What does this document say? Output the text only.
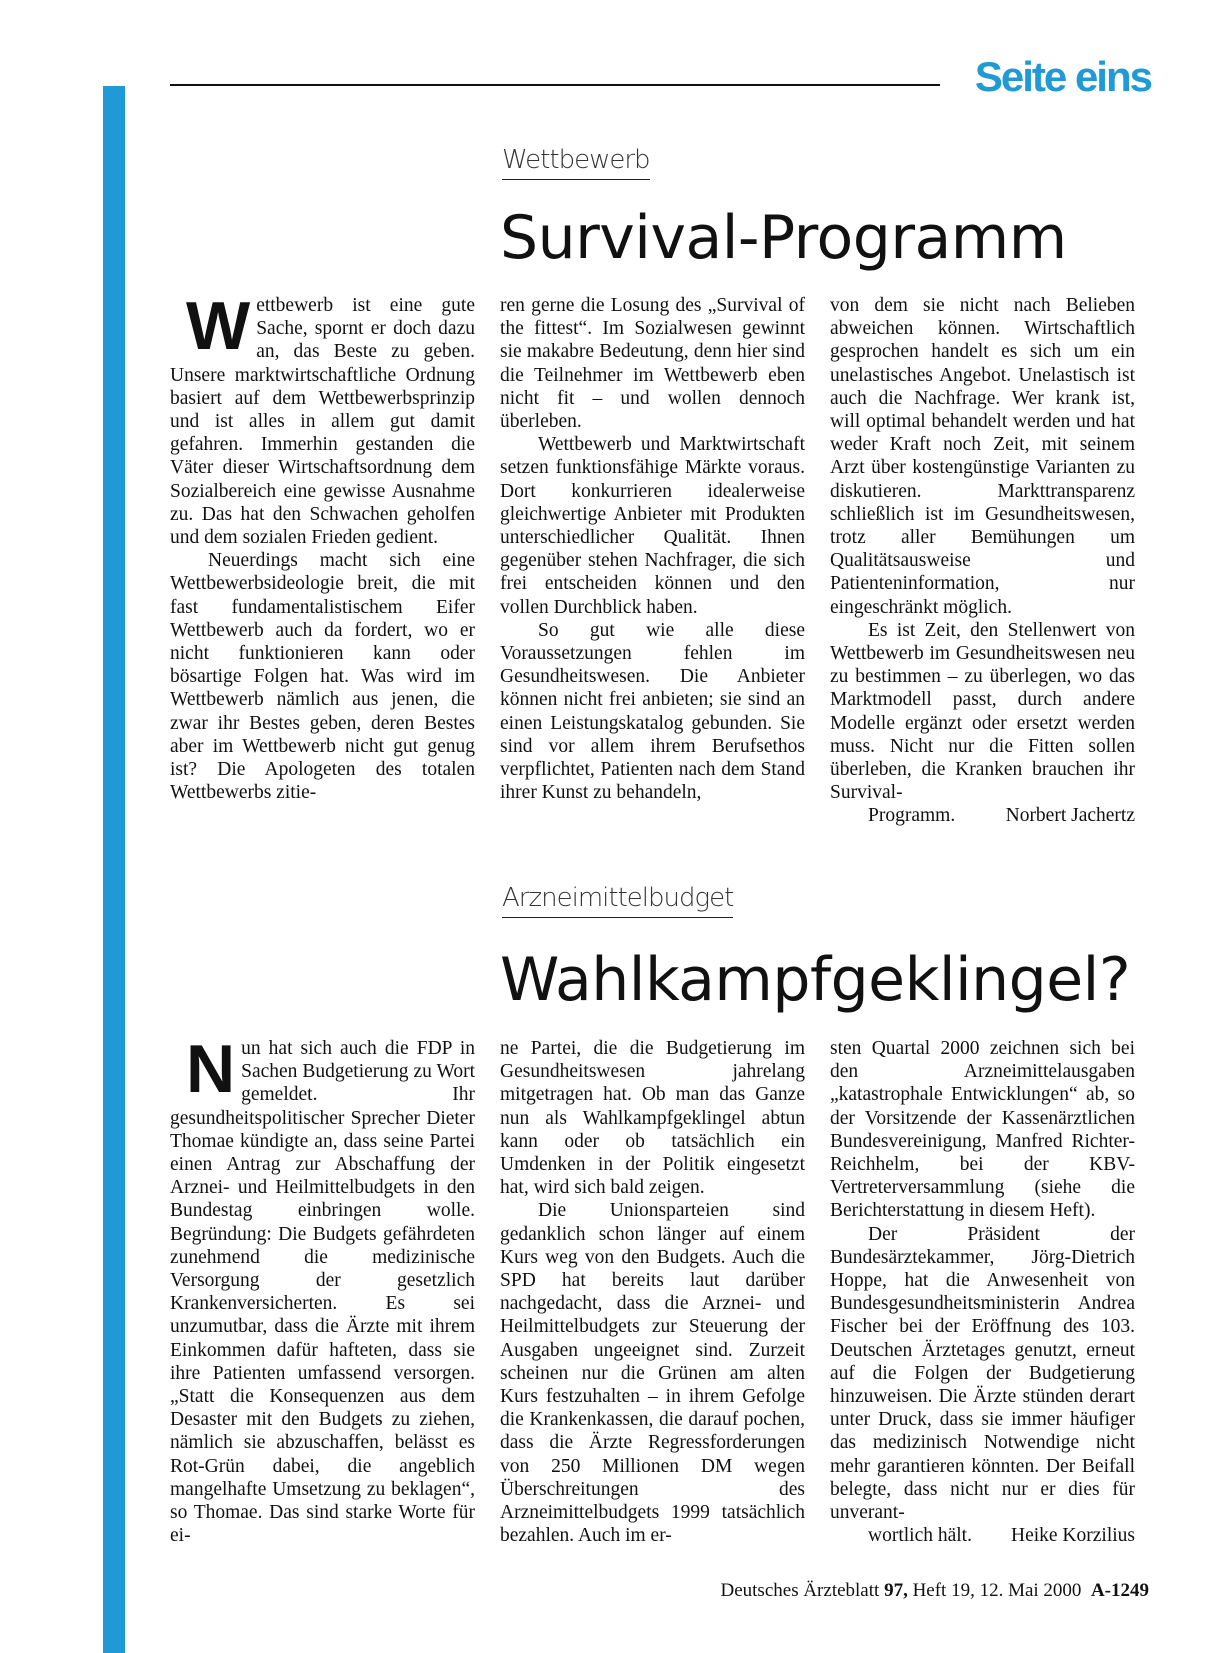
Seite eins
Wettbewerb
Survival-Programm

Wettbewerb ist eine gute Sache, spornt er doch dazu an, das Beste zu geben. Unsere marktwirtschaftliche Ordnung basiert auf dem Wettbewerbsprinzip und ist alles in allem gut damit gefahren. Immerhin gestanden die Väter dieser Wirtschaftsordnung dem Sozialbereich eine gewisse Ausnahme zu. Das hat den Schwachen geholfen und dem sozialen Frieden gedient.

Neuerdings macht sich eine Wettbewerbsideologie breit, die mit fast fundamentalistischem Eifer Wettbewerb auch da fordert, wo er nicht funktionieren kann oder bösartige Folgen hat. Was wird im Wettbewerb nämlich aus jenen, die zwar ihr Bestes geben, deren Bestes aber im Wettbewerb nicht gut genug ist? Die Apologeten des totalen Wettbewerbs zitie-

ren gerne die Losung des „Survival of the fittest“. Im Sozialwesen gewinnt sie makabre Bedeutung, denn hier sind die Teilnehmer im Wettbewerb eben nicht fit – und wollen dennoch überleben.

Wettbewerb und Marktwirtschaft setzen funktionsfähige Märkte voraus. Dort konkurrieren idealerweise gleichwertige Anbieter mit Produkten unterschiedlicher Qualität. Ihnen gegenüber stehen Nachfrager, die sich frei entscheiden können und den vollen Durchblick haben.

So gut wie alle diese Voraussetzungen fehlen im Gesundheitswesen. Die Anbieter können nicht frei anbieten; sie sind an einen Leistungskatalog gebunden. Sie sind vor allem ihrem Berufsethos verpflichtet, Patienten nach dem Stand ihrer Kunst zu behandeln,

von dem sie nicht nach Belieben abweichen können. Wirtschaftlich gesprochen handelt es sich um ein unelastisches Angebot. Unelastisch ist auch die Nachfrage. Wer krank ist, will optimal behandelt werden und hat weder Kraft noch Zeit, mit seinem Arzt über kostengünstige Varianten zu diskutieren. Markttransparenz schließlich ist im Gesundheitswesen, trotz aller Bemühungen um Qualitätsausweise und Patienteninformation, nur eingeschränkt möglich.

Es ist Zeit, den Stellenwert von Wettbewerb im Gesundheitswesen neu zu bestimmen – zu überlegen, wo das Marktmodell passt, durch andere Modelle ergänzt oder ersetzt werden muss. Nicht nur die Fitten sollen überleben, die Kranken brauchen ihr Survival-

Programm.	Norbert Jachertz

Arzneimittelbudget
Wahlkampfgeklingel?

Nun hat sich auch die FDP in Sachen Budgetierung zu Wort gemeldet. Ihr gesundheitspolitischer Sprecher Dieter Thomae kündigte an, dass seine Partei einen Antrag zur Abschaffung der Arznei- und Heilmittelbudgets in den Bundestag einbringen wolle. Begründung: Die Budgets gefährdeten zunehmend die medizinische Versorgung der gesetzlich Krankenversicherten. Es sei unzumutbar, dass die Ärzte mit ihrem Einkommen dafür hafteten, dass sie ihre Patienten umfassend versorgen. „Statt die Konsequenzen aus dem Desaster mit den Budgets zu ziehen, nämlich sie abzuschaffen, belässt es Rot-Grün dabei, die angeblich mangelhafte Umsetzung zu beklagen“, so Thomae. Das sind starke Worte für ei-

ne Partei, die die Budgetierung im Gesundheitswesen jahrelang mitgetragen hat. Ob man das Ganze nun als Wahlkampfgeklingel abtun kann oder ob tatsächlich ein Umdenken in der Politik eingesetzt hat, wird sich bald zeigen.

Die Unionsparteien sind gedanklich schon länger auf einem Kurs weg von den Budgets. Auch die SPD hat bereits laut darüber nachgedacht, dass die Arznei- und Heilmittelbudgets zur Steuerung der Ausgaben ungeeignet sind. Zurzeit scheinen nur die Grünen am alten Kurs festzuhalten – in ihrem Gefolge die Krankenkassen, die darauf pochen, dass die Ärzte Regressforderungen von 250 Millionen DM wegen Überschreitungen des Arzneimittelbudgets 1999 tatsächlich bezahlen. Auch im er-

sten Quartal 2000 zeichnen sich bei den Arzneimittelausgaben „katastrophale Entwicklungen“ ab, so der Vorsitzende der Kassenärztlichen Bundesvereinigung, Manfred Richter-Reichhelm, bei der KBV-Vertreterversammlung (siehe die Berichterstattung in diesem Heft).

Der Präsident der Bundesärztekammer, Jörg-Dietrich Hoppe, hat die Anwesenheit von Bundesgesundheitsministerin Andrea Fischer bei der Eröffnung des 103. Deutschen Ärztetages genutzt, erneut auf die Folgen der Budgetierung hinzuweisen. Die Ärzte stünden derart unter Druck, dass sie immer häufiger das medizinisch Notwendige nicht mehr garantieren könnten. Der Beifall belegte, dass nicht nur er dies für unverant-

wortlich hält.	Heike Korzilius

Deutsches Ärzteblatt 97, Heft 19, 12. Mai 2000 A-1249
